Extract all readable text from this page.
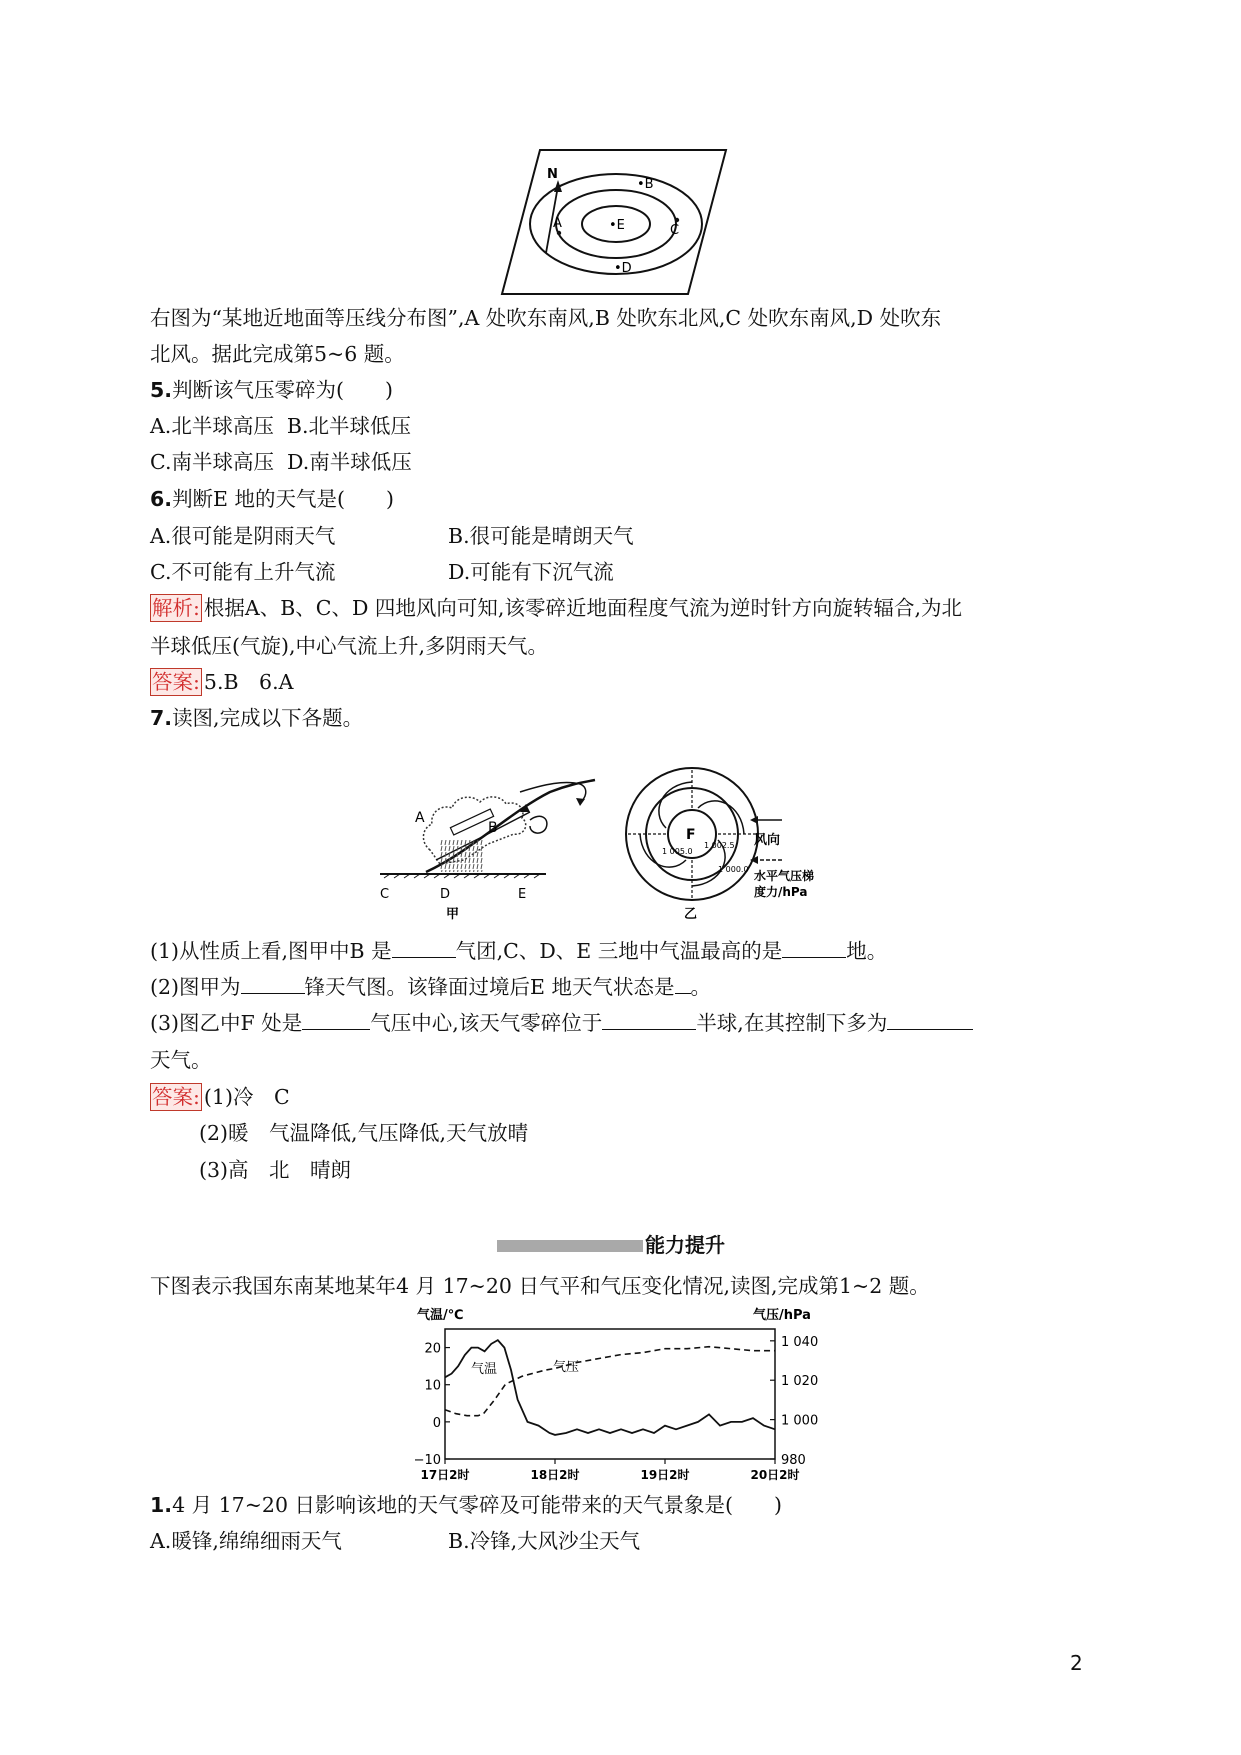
N
A
•B
C
•D
•E
右图为“某地近地面等压线分布图”,A 处吹东南风,B 处吹东北风,C 处吹东南风,D 处吹东
北风。据此完成第5~6 题。
5.判断该气压零碎为(　　)
A.北半球高压 B.北半球低压
C.南半球高压 D.南半球低压
6.判断E 地的天气是(　　)
A.很可能是阴雨天气	B.很可能是晴朗天气
C.不可能有上升气流	D.可能有下沉气流
解析: 根据A、B、C、D 四地风向可知,该零碎近地面程度气流为逆时针方向旋转辐合,为北
半球低压(气旋),中心气流上升,多阴雨天气。
答案: 5.B　6.A
7.读图,完成以下各题。
A
B
C	D	E
甲
F
1 005.0
1 002.5
1 000.0
风向
水平气压梯
度力/hPa
乙
(1)从性质上看,图甲中B 是	气团,C、D、E 三地中气温最高的是	地。
(2)图甲为	锋天气图。该锋面过境后E 地天气状态是 。
(3)图乙中F 处是	气压中心,该天气零碎位于	半球,在其控制下多为
天气。
答案: (1)冷　C
(2)暖　气温降低,气压降低,天气放晴
(3)高　北　晴朗
能力提升
下图表示我国东南某地某年4 月 17~20 日气平和气压变化情况,读图,完成第1~2 题。
气温/℃	气压/hPa
20
10
0
−10
1 040
1 020
1 000
980
17日2时	18日2时	19日2时	20日2时
气温	气压
1.4 月 17~20 日影响该地的天气零碎及可能带来的天气景象是(　　)
A.暖锋,绵绵细雨天气	B.冷锋,大风沙尘天气
2
